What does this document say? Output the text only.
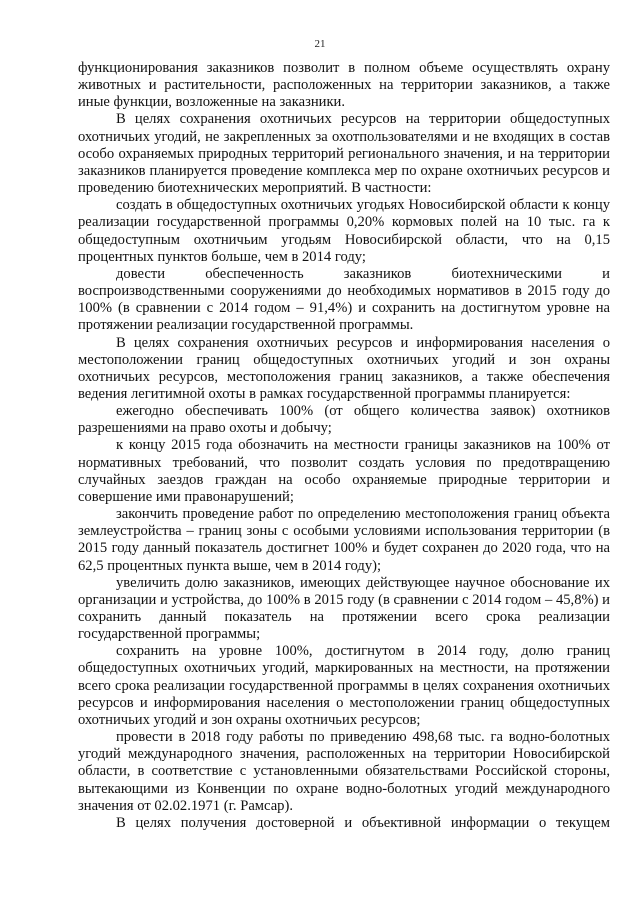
21

функционирования заказников позволит в полном объеме осуществлять охрану животных и растительности, расположенных на территории заказников, а также иные функции, возложенные на заказники.

В целях сохранения охотничьих ресурсов на территории общедоступных охотничьих угодий, не закрепленных за охотпользователями и не входящих в состав особо охраняемых природных территорий регионального значения, и на территории заказников планируется проведение комплекса мер по охране охотничьих ресурсов и проведению биотехнических мероприятий. В частности:

создать в общедоступных охотничьих угодьях Новосибирской области к концу реализации государственной программы 0,20% кормовых полей на 10 тыс. га к общедоступным охотничьим угодьям Новосибирской области, что на 0,15 процентных пунктов больше, чем в 2014 году;

довести обеспеченность заказников биотехническими и воспроизводственными сооружениями до необходимых нормативов в 2015 году до 100% (в сравнении с 2014 годом – 91,4%) и сохранить на достигнутом уровне на протяжении реализации государственной программы.

В целях сохранения охотничьих ресурсов и информирования населения о местоположении границ общедоступных охотничьих угодий и зон охраны охотничьих ресурсов, местоположения границ заказников, а также обеспечения ведения легитимной охоты в рамках государственной программы планируется:

ежегодно обеспечивать 100% (от общего количества заявок) охотников разрешениями на право охоты и добычу;

к концу 2015 года обозначить на местности границы заказников на 100% от нормативных требований, что позволит создать условия по предотвращению случайных заездов граждан на особо охраняемые природные территории и совершение ими правонарушений;

закончить проведение работ по определению местоположения границ объекта землеустройства – границ зоны с особыми условиями использования территории (в 2015 году данный показатель достигнет 100% и будет сохранен до 2020 года, что на 62,5 процентных пункта выше, чем в 2014 году);

увеличить долю заказников, имеющих действующее научное обоснование их организации и устройства, до 100% в 2015 году (в сравнении с 2014 годом – 45,8%) и сохранить данный показатель на протяжении всего срока реализации государственной программы;

сохранить на уровне 100%, достигнутом в 2014 году, долю границ общедоступных охотничьих угодий, маркированных на местности, на протяжении всего срока реализации государственной программы в целях сохранения охотничьих ресурсов и информирования населения о местоположении границ общедоступных охотничьих угодий и зон охраны охотничьих ресурсов;

провести в 2018 году работы по приведению 498,68 тыс. га водно-болотных угодий международного значения, расположенных на территории Новосибирской области, в соответствие с установленными обязательствами Российской стороны, вытекающими из Конвенции по охране водно-болотных угодий международного значения от 02.02.1971 (г. Рамсар).

В целях получения достоверной и объективной информации о текущем
